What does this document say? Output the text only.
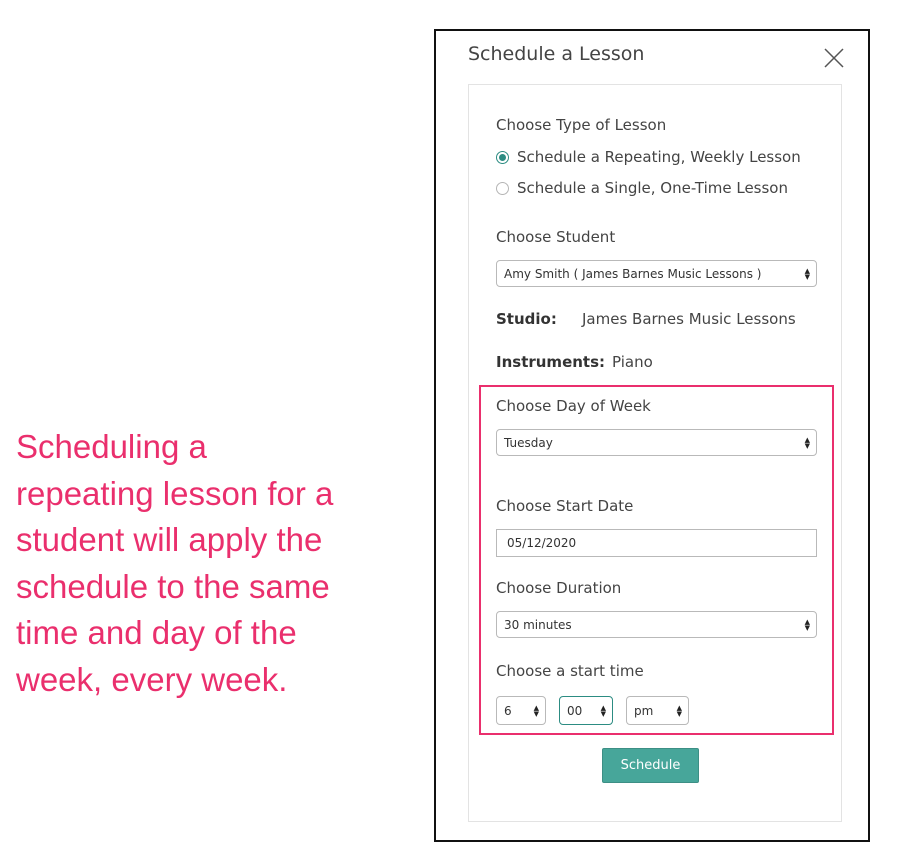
Scheduling a
repeating lesson for a
student will apply the
schedule to the same
time and day of the
week, every week.
Schedule a Lesson
Choose Type of Lesson
Schedule a Repeating, Weekly Lesson
Schedule a Single, One-Time Lesson
Choose Student
Amy Smith ( James Barnes Music Lessons )	▲
▼
Studio: James Barnes Music Lessons
Instruments: Piano
Choose Day of Week
Tuesday	▲
▼
Choose Start Date
05/12/2020
Choose Duration
30 minutes	▲
▼
Choose a start time
6	▲
▼ 00	▲
▼ pm	▲
▼
Schedule
